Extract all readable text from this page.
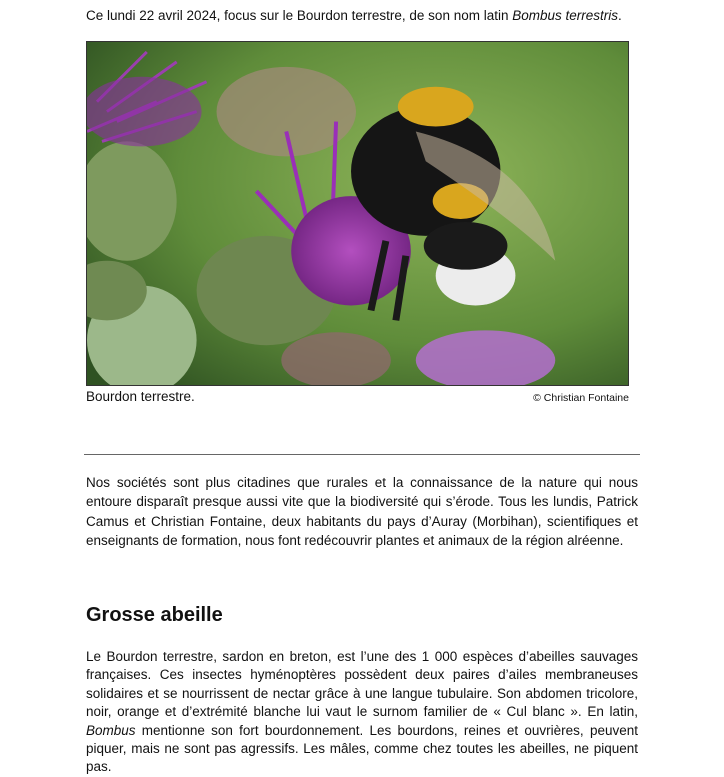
Ce lundi 22 avril 2024, focus sur le Bourdon terrestre, de son nom latin Bombus terrestris.

Bourdon terrestre.	© Christian Fontaine

Nos sociétés sont plus citadines que rurales et la connaissance de la nature qui nous entoure disparaît presque aussi vite que la biodiversité qui s’érode. Tous les lundis, Patrick Camus et Christian Fontaine, deux habitants du pays d’Auray (Morbihan), scientifiques et enseignants de formation, nous font redécouvrir plantes et animaux de la région alréenne.

Grosse abeille

Le Bourdon terrestre, sardon en breton, est l’une des 1 000 espèces d’abeilles sauvages françaises. Ces insectes hyménoptères possèdent deux paires d’ailes membraneuses solidaires et se nourrissent de nectar grâce à une langue tubulaire. Son abdomen tricolore, noir, orange et d’extrémité blanche lui vaut le surnom familier de « Cul blanc ». En latin, Bombus mentionne son fort bourdonnement. Les bourdons, reines et ouvrières, peuvent piquer, mais ne sont pas agressifs. Les mâles, comme chez toutes les abeilles, ne piquent pas.
